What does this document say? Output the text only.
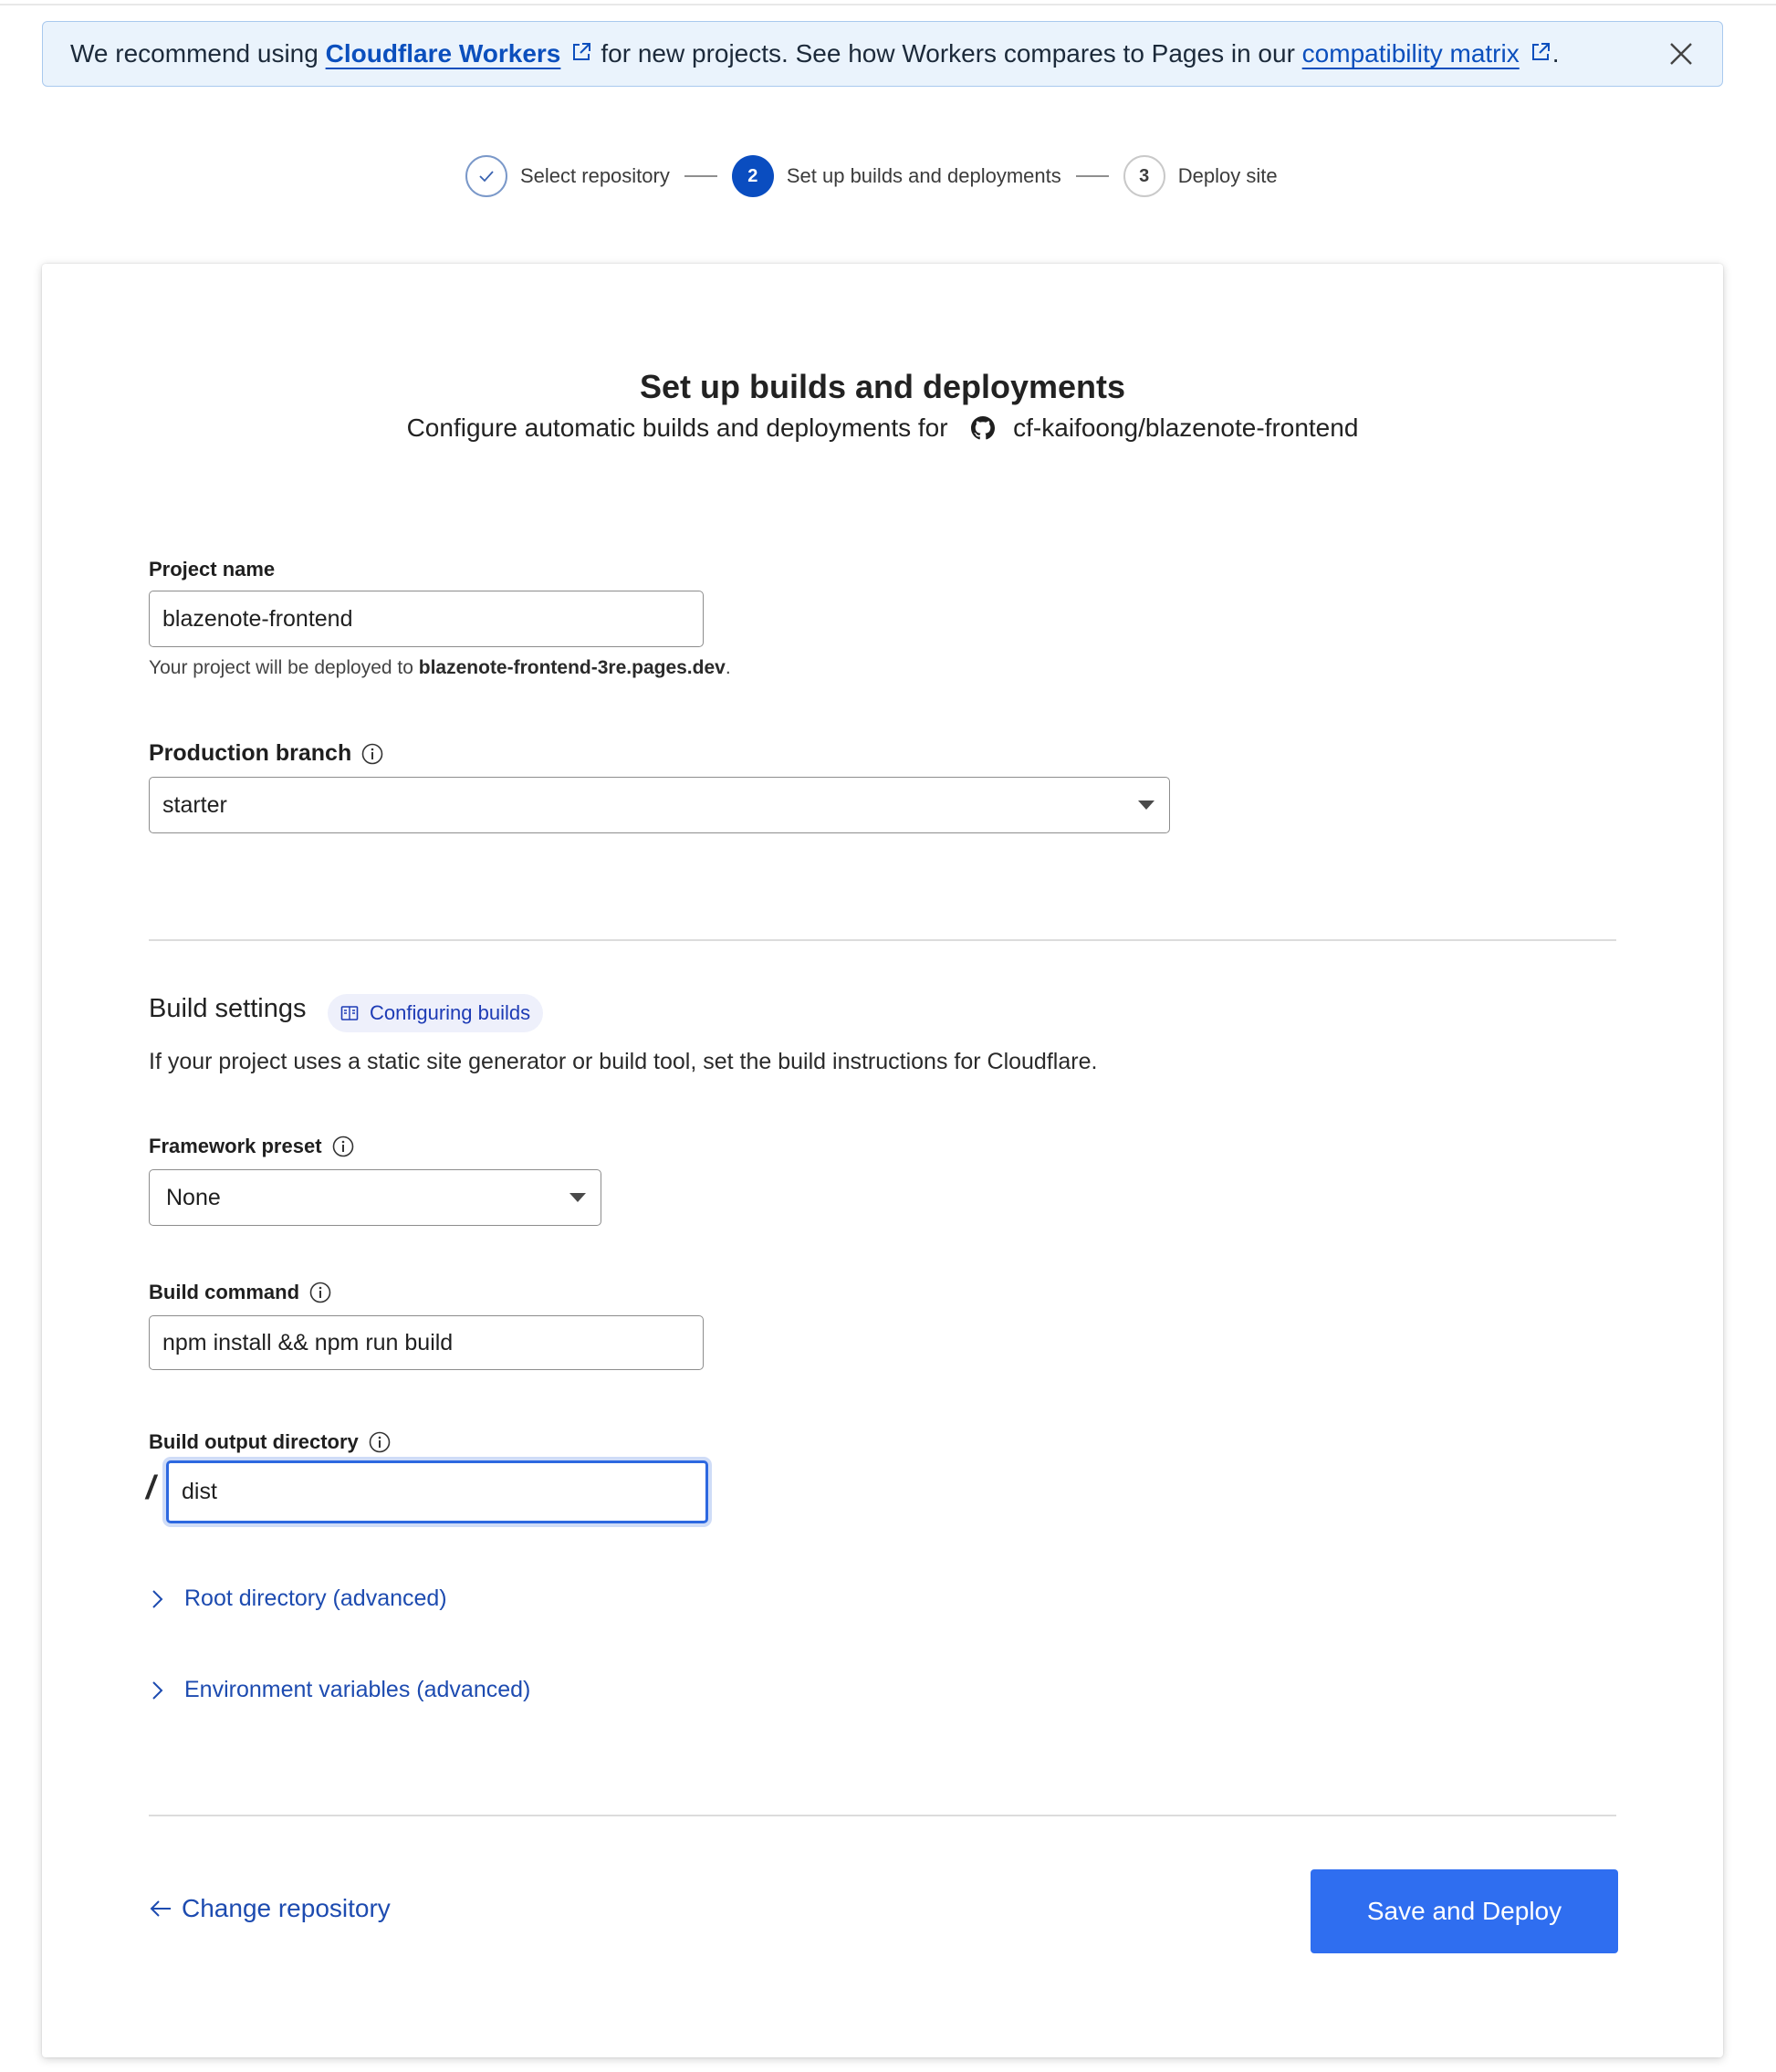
We recommend using
Cloudflare Workers for new projects. See how Workers compares to Pages in our
compatibility matrix .
Select repository	2	Set up builds and deployments	3	Deploy site
Set up builds and deployments
Configure automatic builds and deployments for	cf-kaifoong/blazenote-frontend
Project name
blazenote-frontend
Your project will be deployed to blazenote-frontend-3re.pages.dev.
Production branch
starter
Build settings	Configuring builds
If your project uses a static site generator or build tool, set the build instructions for Cloudflare.
Framework preset
None
Build command
npm install && npm run build
Build output directory
/	dist
Root directory (advanced)
Environment variables (advanced)
Change repository	Save and Deploy
